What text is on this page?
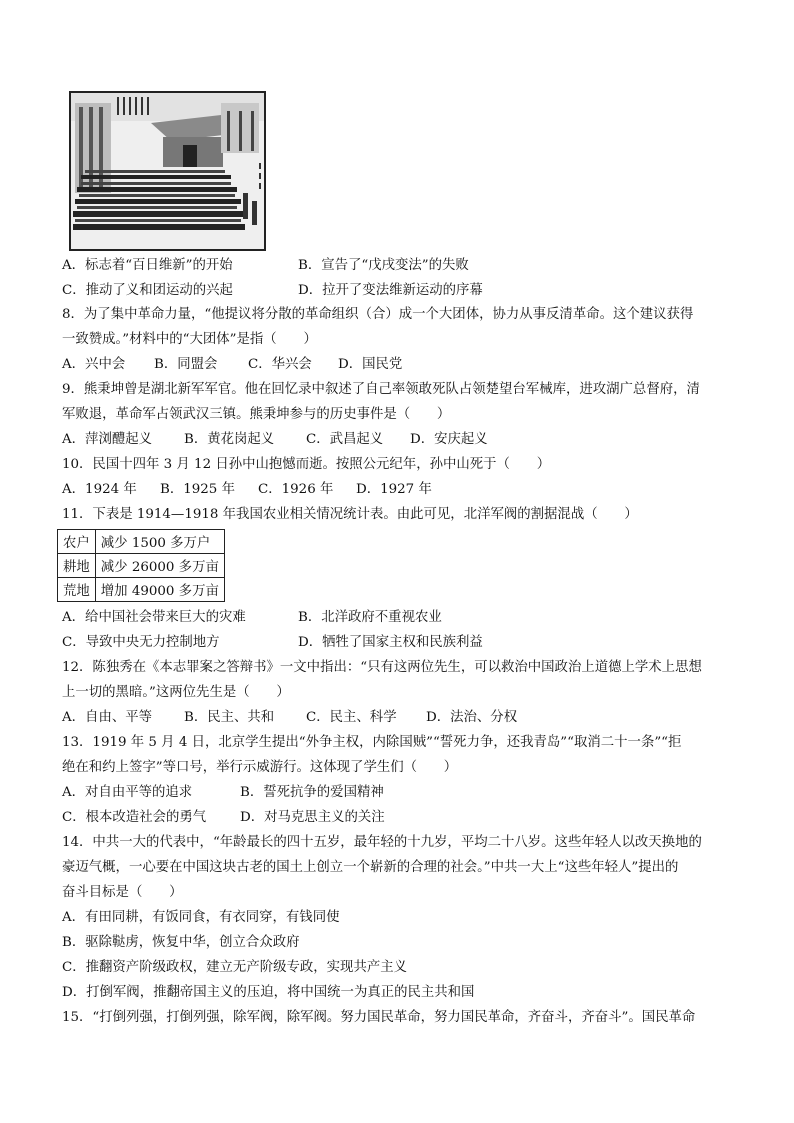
A．标志着“百日维新”的开始	B．宣告了“戊戌变法”的失败
C．推动了义和团运动的兴起	D．拉开了变法维新运动的序幕
8．为了集中革命力量，“他提议将分散的革命组织（合）成一个大团体，协力从事反清革命。这个建议获得
一致赞成。”材料中的“大团体”是指（　　）
A．兴中会 B．同盟会 C．华兴会 D．国民党
9．熊秉坤曾是湖北新军军官。他在回忆录中叙述了自己率领敢死队占领楚望台军械库，进攻湖广总督府，清
军败退，革命军占领武汉三镇。熊秉坤参与的历史事件是（　　）
A．萍浏醴起义 B．黄花岗起义 C．武昌起义 D．安庆起义
10．民国十四年 3 月 12 日孙中山抱憾而逝。按照公元纪年，孙中山死于（　　）
A．1924 年 B．1925 年 C．1926 年 D．1927 年
11．下表是 1914—1918 年我国农业相关情况统计表。由此可见，北洋军阀的割据混战（　　）
农户	减少 1500 多万户
耕地	减少 26000 多万亩
荒地	增加 49000 多万亩
A．给中国社会带来巨大的灾难	B．北洋政府不重视农业
C．导致中央无力控制地方	D．牺牲了国家主权和民族利益
12．陈独秀在《本志罪案之答辩书》一文中指出：“只有这两位先生，可以救治中国政治上道德上学术上思想
上一切的黑暗。”这两位先生是（　　）
A．自由、平等 B．民主、共和 C．民主、科学 D．法治、分权
13．1919 年 5 月 4 日，北京学生提出“外争主权，内除国贼”“誓死力争，还我青岛”“取消二十一条”“拒
绝在和约上签字”等口号，举行示威游行。这体现了学生们（　　）
A．对自由平等的追求	B．誓死抗争的爱国精神
C．根本改造社会的勇气	D．对马克思主义的关注
14．中共一大的代表中，“年龄最长的四十五岁，最年轻的十九岁，平均二十八岁。这些年轻人以改天换地的
豪迈气概，一心要在中国这块古老的国土上创立一个崭新的合理的社会。”中共一大上“这些年轻人”提出的
奋斗目标是（　　）
A．有田同耕，有饭同食，有衣同穿，有钱同使
B．驱除鞑虏，恢复中华，创立合众政府
C．推翻资产阶级政权，建立无产阶级专政，实现共产主义
D．打倒军阀，推翻帝国主义的压迫，将中国统一为真正的民主共和国
15．“打倒列强，打倒列强，除军阀，除军阀。努力国民革命，努力国民革命，齐奋斗，齐奋斗”。国民革命
